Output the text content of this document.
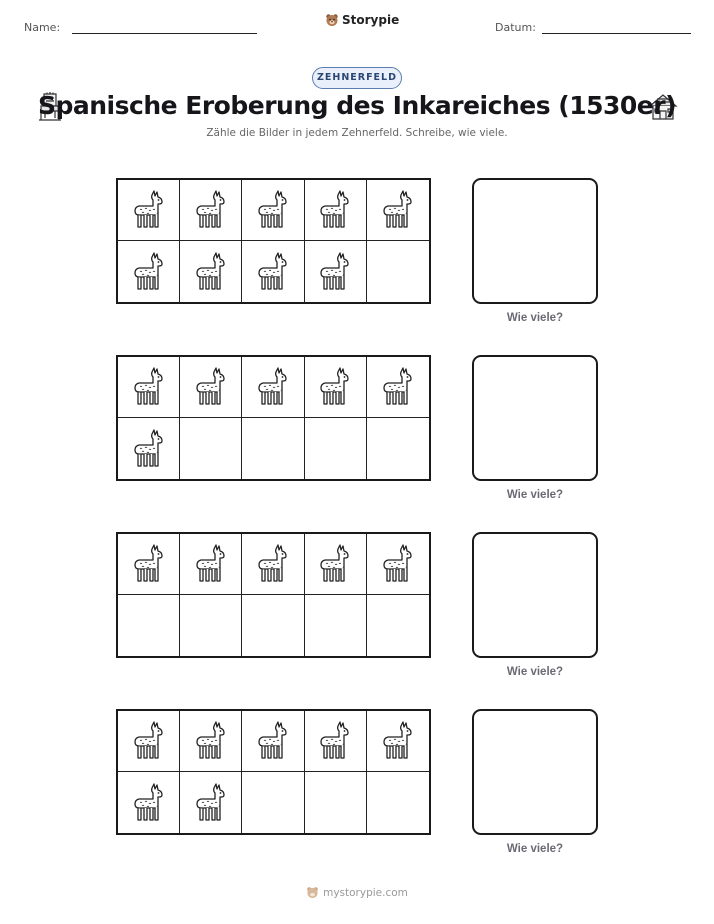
Name:
Storypie
Datum:
ZEHNERFELD
Spanische Eroberung des Inkareiches (1530er)
Zähle die Bilder in jedem Zehnerfeld. Schreibe, wie viele.
Wie viele?
Wie viele?
Wie viele?
Wie viele?
mystorypie.com
